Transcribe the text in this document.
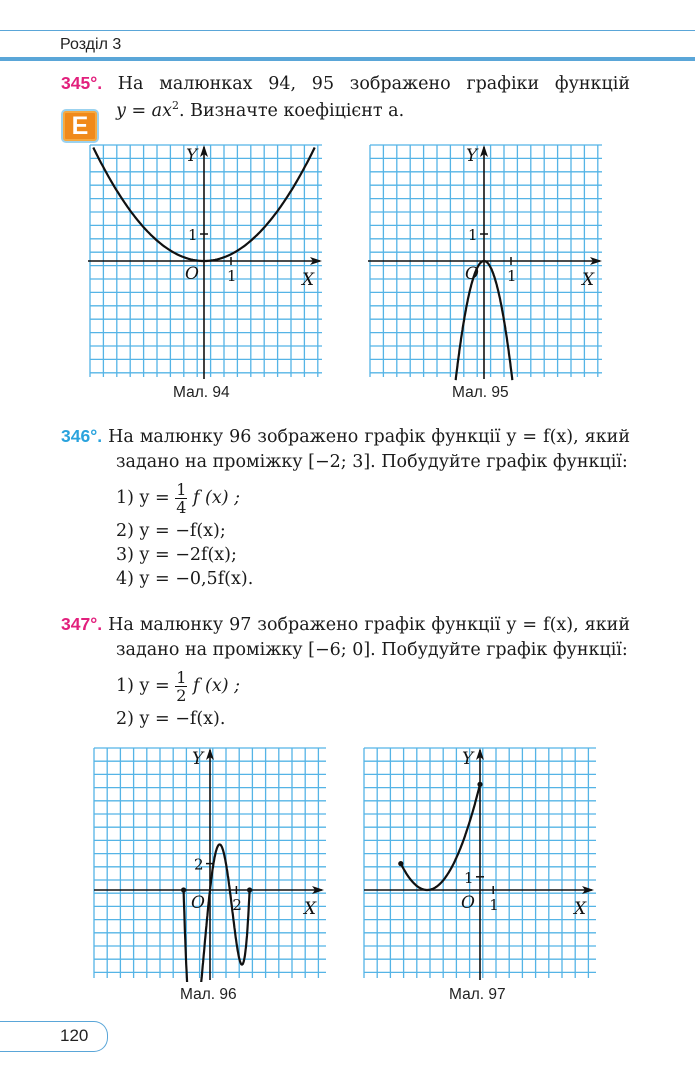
Розділ 3
345°. На малюнках 94, 95 зображено графіки функцій
$y = ax^2$. Визначте коефіцієнт a.
E
X
Y
O 1
1
Мал. 94
X
Y
O 1
1
Мал. 95
346°. На малюнку 96 зображено графік функції y = f(x), який
задано на проміжку [−2; 3]. Побудуйте графік функції:
1) $y = \frac{1}{4}$ f (x) ;
2) y = −f(x);
3) y = −2f(x);
4) y = −0,5f(x).
347°. На малюнку 97 зображено графік функції y = f(x), який
задано на проміжку [−6; 0]. Побудуйте графік функції:
1) $y = \frac{1}{2}$ f (x) ;
2) y = −f(x).
X
Y
O 2
2
Мал. 96
X
Y
O 1
1
Мал. 97
120
